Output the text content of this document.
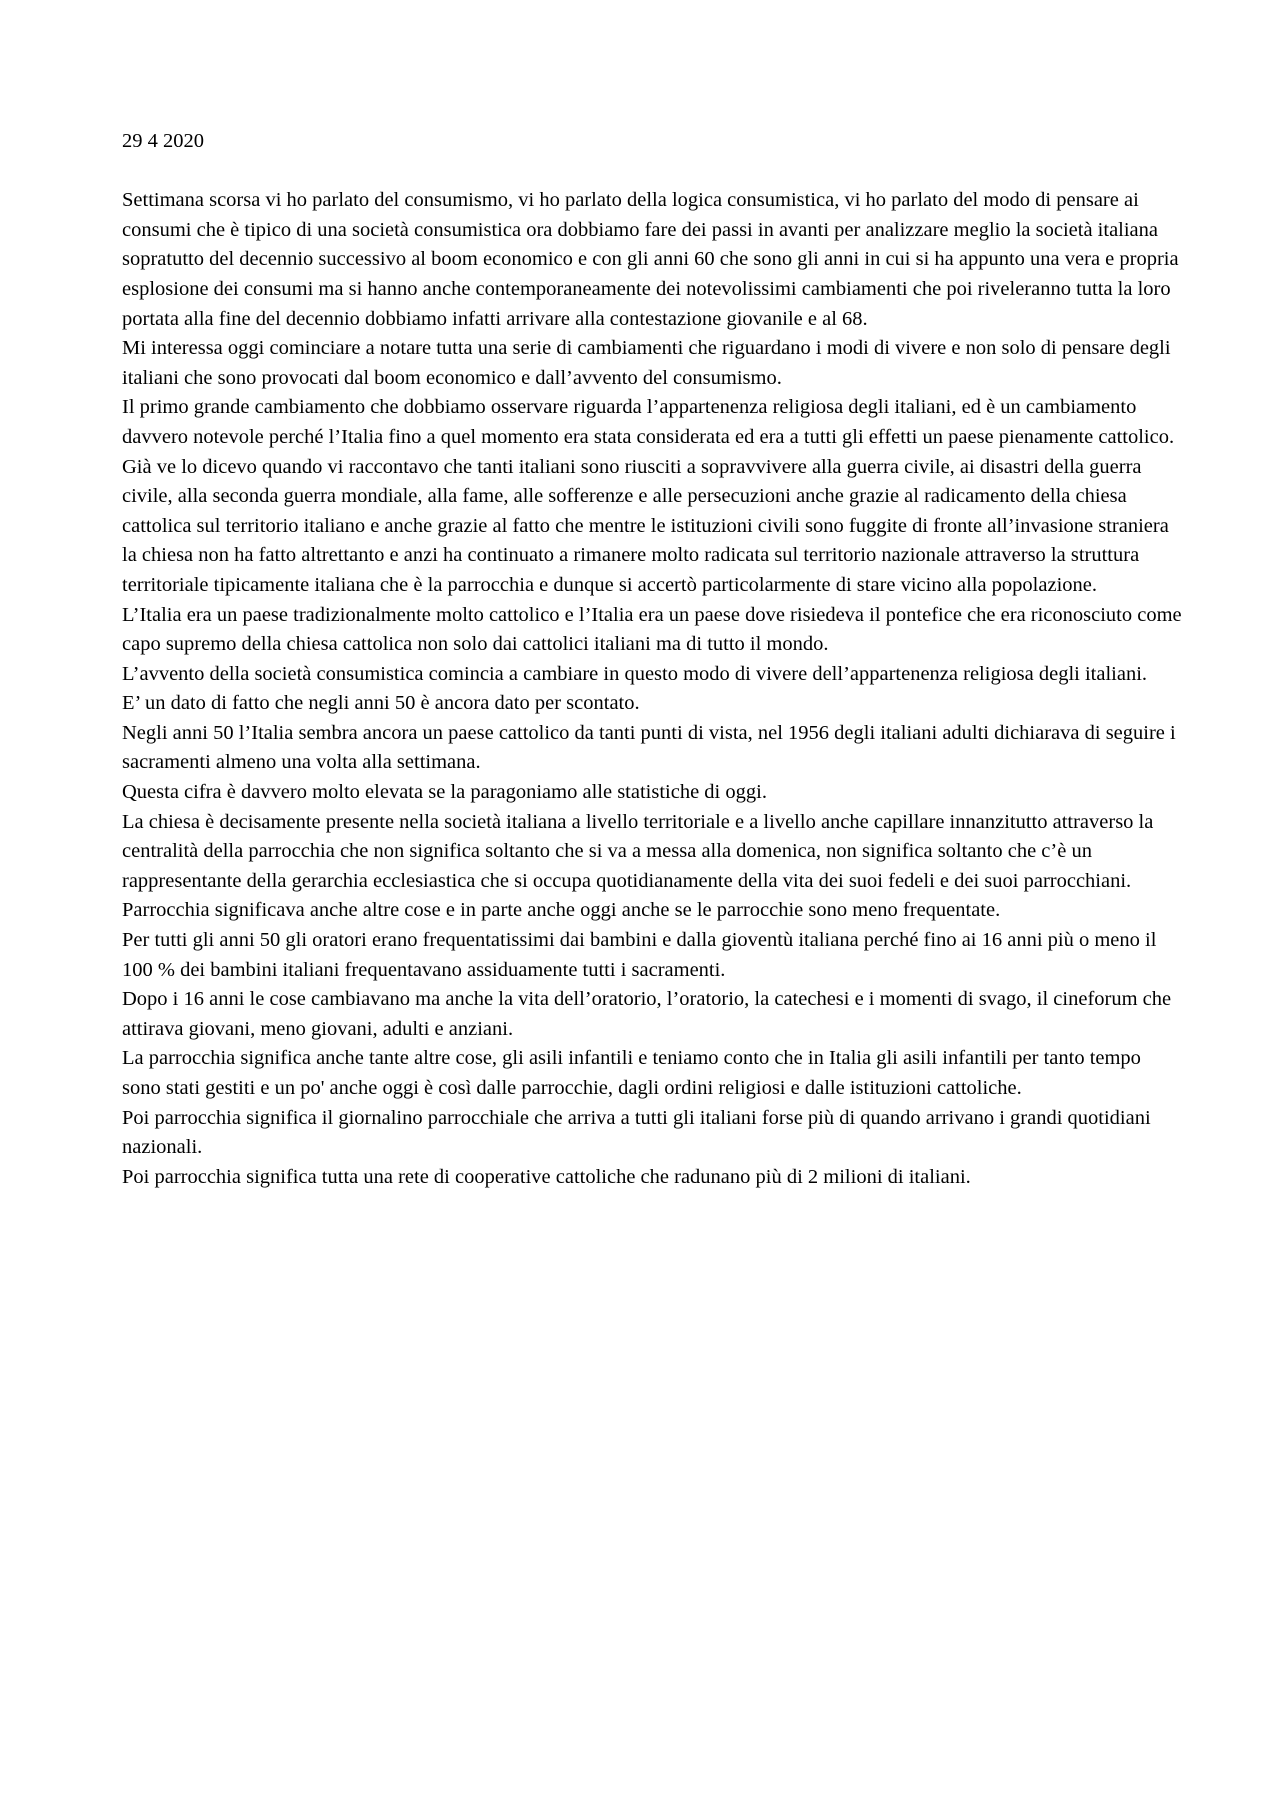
29 4 2020

Settimana scorsa vi ho parlato del consumismo, vi ho parlato della logica consumistica, vi ho parlato del modo di pensare ai consumi che è tipico di una società consumistica ora dobbiamo fare dei passi in avanti per analizzare meglio la società italiana sopratutto del decennio successivo al boom economico e con gli anni 60 che sono gli anni in cui si ha appunto una vera e propria esplosione dei consumi ma si hanno anche contemporaneamente dei notevolissimi cambiamenti che poi riveleranno tutta la loro portata alla fine del decennio dobbiamo infatti arrivare alla contestazione giovanile e al 68.

Mi interessa oggi cominciare a notare tutta una serie di cambiamenti che riguardano i modi di vivere e non solo di pensare degli italiani che sono provocati dal boom economico e dall’avvento del consumismo.

Il primo grande cambiamento che dobbiamo osservare riguarda l’appartenenza religiosa degli italiani, ed è un cambiamento davvero notevole perché l’Italia fino a quel momento era stata considerata ed era a tutti gli effetti un paese pienamente cattolico.

Già ve lo dicevo quando vi raccontavo che tanti italiani sono riusciti a sopravvivere alla guerra civile, ai disastri della guerra civile, alla seconda guerra mondiale, alla fame, alle sofferenze e alle persecuzioni anche grazie al radicamento della chiesa cattolica sul territorio italiano e anche grazie al fatto che mentre le istituzioni civili sono fuggite di fronte all’invasione straniera la chiesa non ha fatto altrettanto e anzi ha continuato a rimanere molto radicata sul territorio nazionale attraverso la struttura territoriale tipicamente italiana che è la parrocchia e dunque si accertò particolarmente di stare vicino alla popolazione.

L’Italia era un paese tradizionalmente molto cattolico e l’Italia era un paese dove risiedeva il pontefice che era riconosciuto come capo supremo della chiesa cattolica non solo dai cattolici italiani ma di tutto il mondo.

L’avvento della società consumistica comincia a cambiare in questo modo di vivere dell’appartenenza religiosa degli italiani.

E’ un dato di fatto che negli anni 50 è ancora dato per scontato.

Negli anni 50 l’Italia sembra ancora un paese cattolico da tanti punti di vista, nel 1956 degli italiani adulti dichiarava di seguire i sacramenti almeno una volta alla settimana.

Questa cifra è davvero molto elevata se la paragoniamo alle statistiche di oggi.

La chiesa è decisamente presente nella società italiana a livello territoriale e a livello anche capillare innanzitutto attraverso la centralità della parrocchia che non significa soltanto che si va a messa alla domenica, non significa soltanto che c’è un rappresentante della gerarchia ecclesiastica che si occupa quotidianamente della vita dei suoi fedeli e dei suoi parrocchiani.

Parrocchia significava anche altre cose e in parte anche oggi anche se le parrocchie sono meno frequentate.

Per tutti gli anni 50 gli oratori erano frequentatissimi dai bambini e dalla gioventù italiana perché fino ai 16 anni più o meno il 100 % dei bambini italiani frequentavano assiduamente tutti i sacramenti.

Dopo i 16 anni le cose cambiavano ma anche la vita dell’oratorio, l’oratorio, la catechesi e i momenti di svago, il cineforum che attirava giovani, meno giovani, adulti e anziani.

La parrocchia significa anche tante altre cose, gli asili infantili e teniamo conto che in Italia gli asili infantili per tanto tempo sono stati gestiti e un po' anche oggi è così dalle parrocchie, dagli ordini religiosi e dalle istituzioni cattoliche.

Poi parrocchia significa il giornalino parrocchiale che arriva a tutti gli italiani forse più di quando arrivano i grandi quotidiani nazionali.

Poi parrocchia significa tutta una rete di cooperative cattoliche che radunano più di 2 milioni di italiani.
